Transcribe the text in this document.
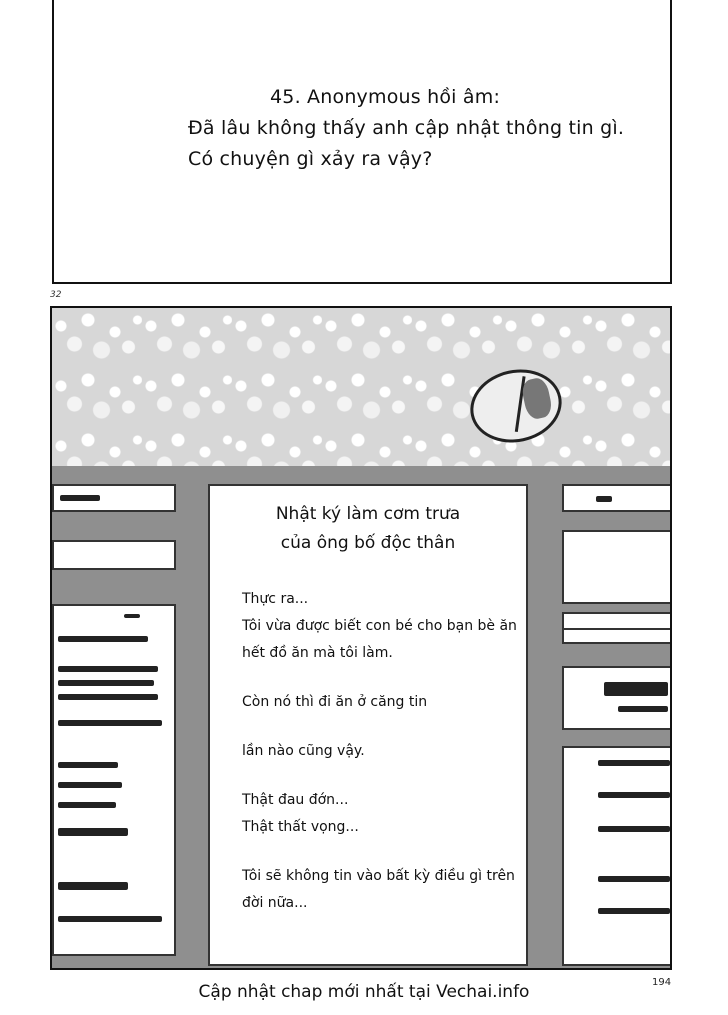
45. Anonymous hồi âm:
Đã lâu không thấy anh cập nhật thông tin gì.
Có chuyện gì xảy ra vậy?
32
Nhật ký làm cơm trưa
của ông bố độc thân
Thực ra...
Tôi vừa được biết con bé cho bạn bè ăn
hết đồ ăn mà tôi làm.
Còn nó thì đi ăn ở căng tin
lần nào cũng vậy.
Thật đau đớn...
Thật thất vọng...
Tôi sẽ không tin vào bất kỳ điều gì trên
đời nữa...
194
Cập nhật chap mới nhất tại Vechai.info
